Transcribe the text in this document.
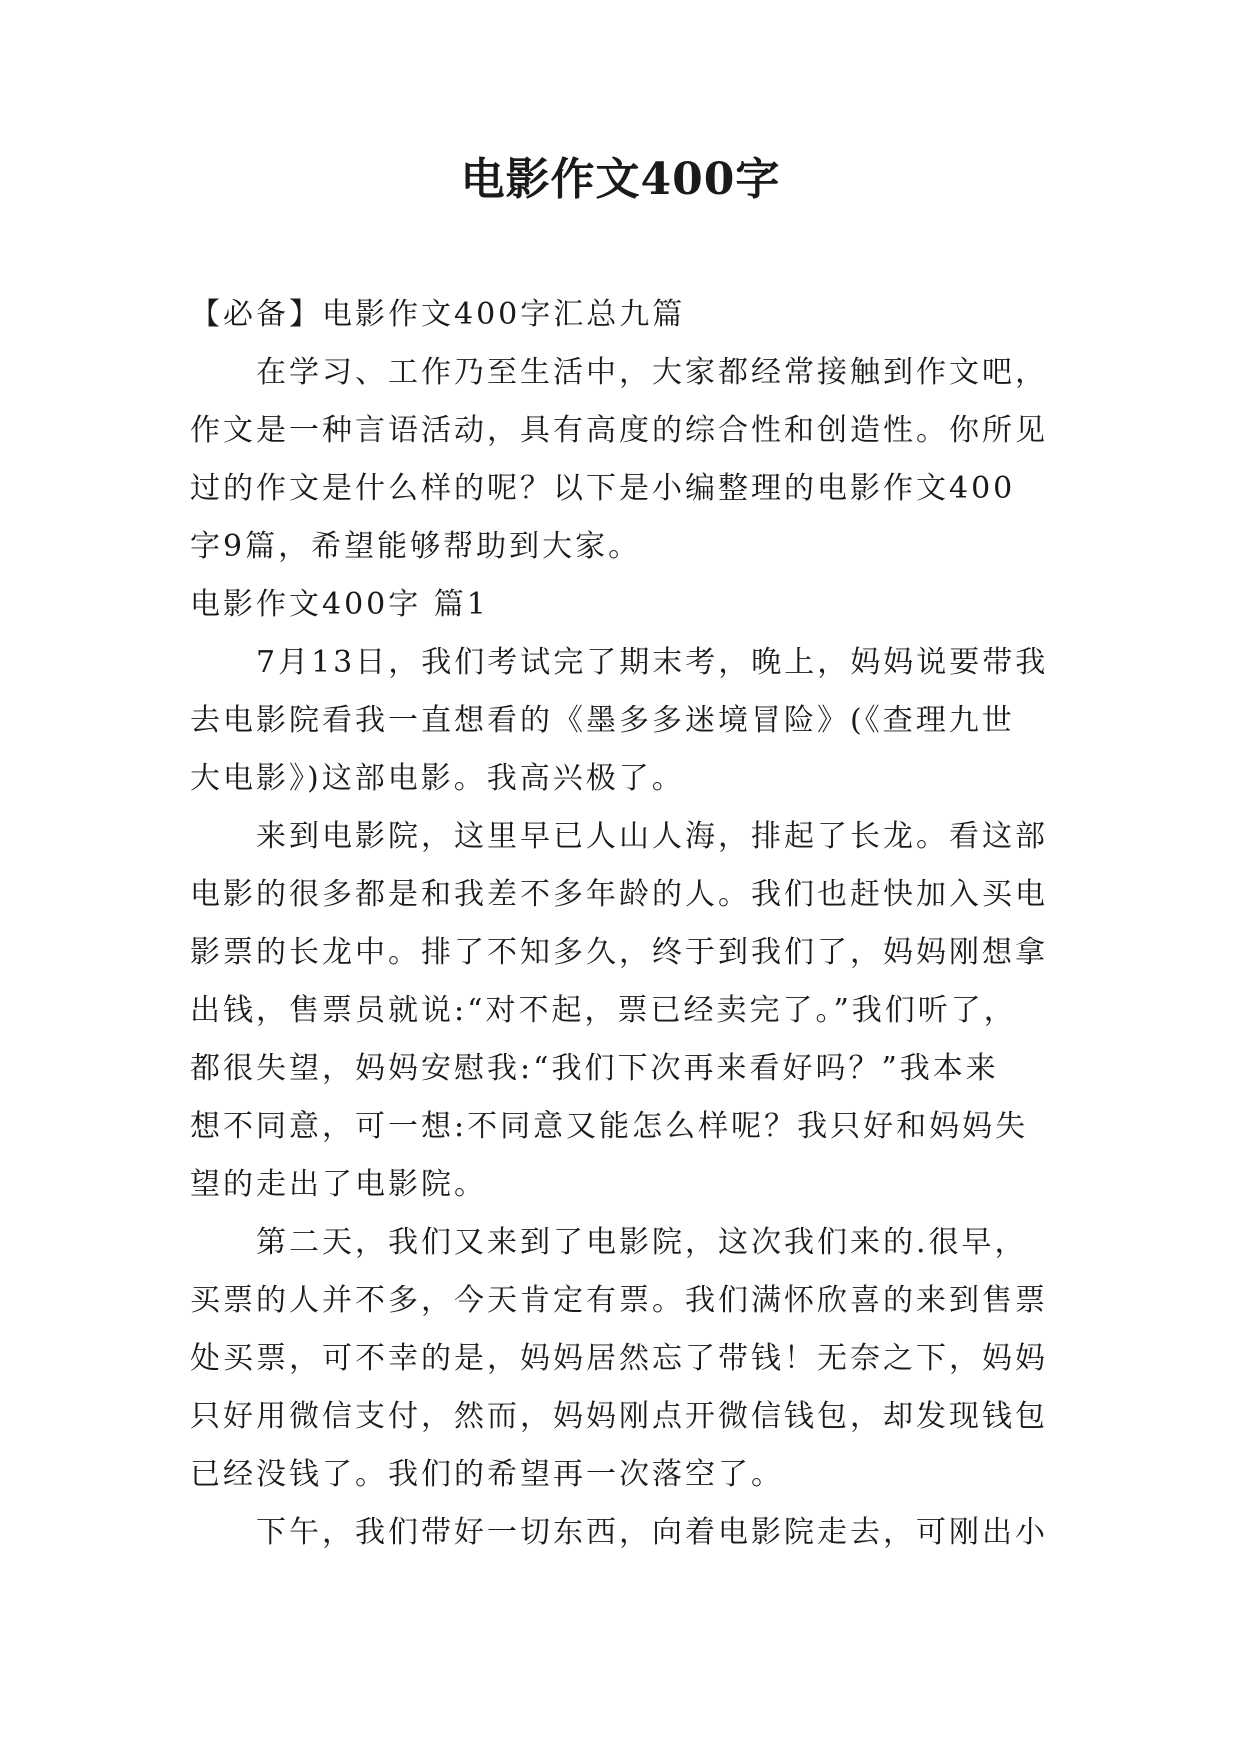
电影作文400字
【必备】电影作文400字汇总九篇
　　在学习、工作乃至生活中，大家都经常接触到作文吧，
作文是一种言语活动，具有高度的综合性和创造性。你所见
过的作文是什么样的呢？以下是小编整理的电影作文400
字9篇，希望能够帮助到大家。
电影作文400字 篇1
　　7月13日，我们考试完了期末考，晚上，妈妈说要带我
去电影院看我一直想看的《墨多多迷境冒险》(《查理九世
大电影》)这部电影。我高兴极了。
　　来到电影院，这里早已人山人海，排起了长龙。看这部
电影的很多都是和我差不多年龄的人。我们也赶快加入买电
影票的长龙中。排了不知多久，终于到我们了，妈妈刚想拿
出钱，售票员就说:“对不起，票已经卖完了。”我们听了，
都很失望，妈妈安慰我:“我们下次再来看好吗？”我本来
想不同意，可一想:不同意又能怎么样呢？我只好和妈妈失
望的走出了电影院。
　　第二天，我们又来到了电影院，这次我们来的.很早，
买票的人并不多，今天肯定有票。我们满怀欣喜的来到售票
处买票，可不幸的是，妈妈居然忘了带钱！无奈之下，妈妈
只好用微信支付，然而，妈妈刚点开微信钱包，却发现钱包
已经没钱了。我们的希望再一次落空了。
　　下午，我们带好一切东西，向着电影院走去，可刚出小
